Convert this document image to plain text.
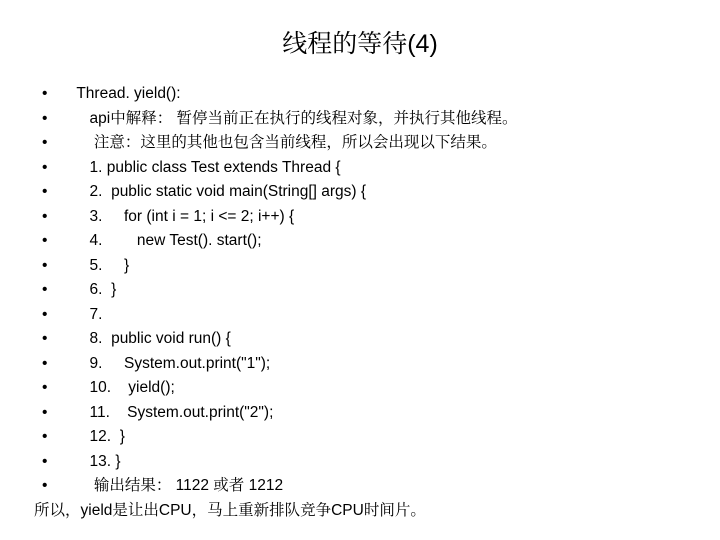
线程的等待(4)
• Thread. yield():
• api中解释： 暂停当前正在执行的线程对象，并执行其他线程。
• 注意：这里的其他也包含当前线程，所以会出现以下结果。
• 1. public class Test extends Thread {
• 2.  public static void main(String[] args) {
• 3.     for (int i = 1; i <= 2; i++) {
• 4.        new Test(). start();
• 5.     }
• 6.  }
• 7.
• 8.  public void run() {
• 9.     System.out.print("1");
• 10.    yield();
• 11.    System.out.print("2");
• 12.  }
• 13. }
• 输出结果： 1122 或者 1212
所以，yield是让出CPU，马上重新排队竞争CPU时间片。
